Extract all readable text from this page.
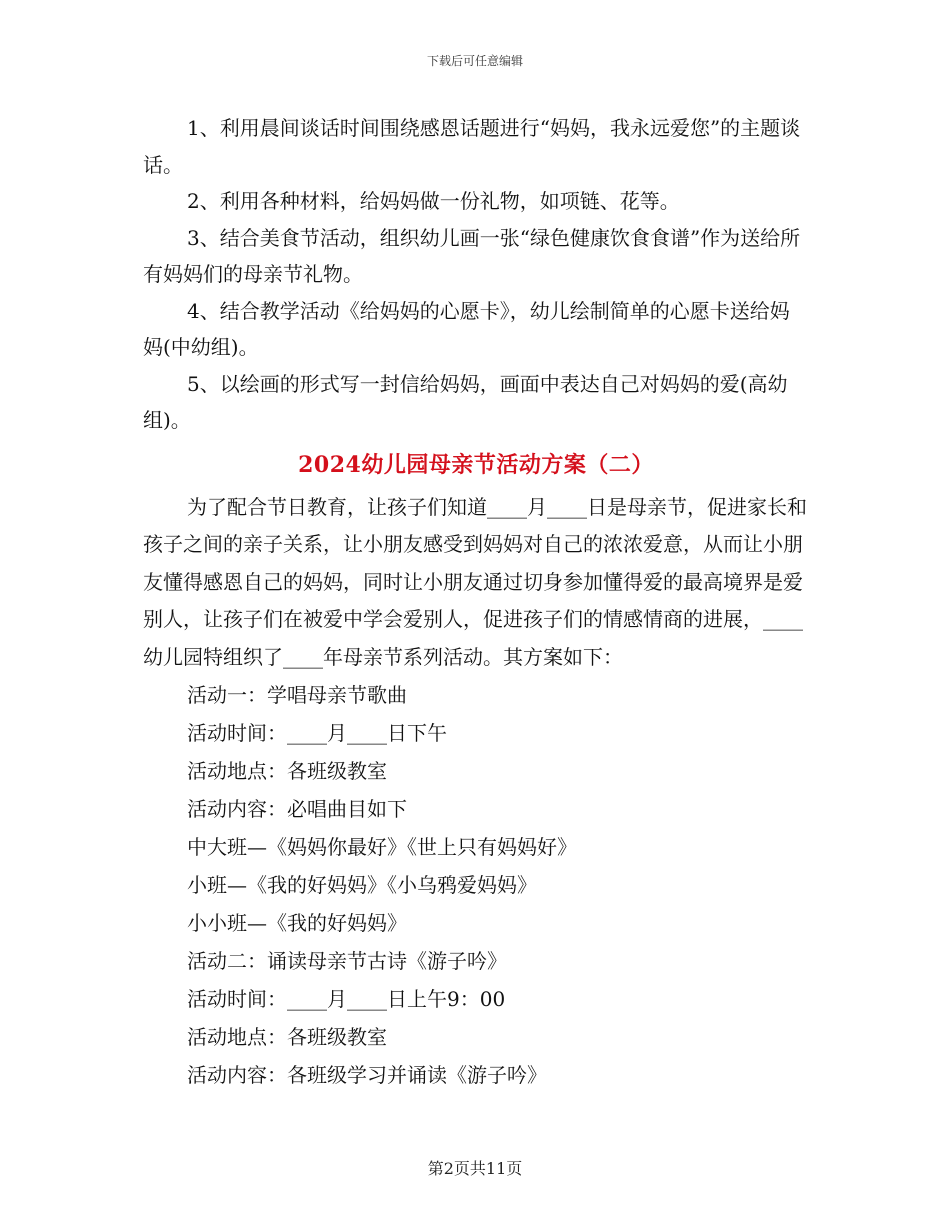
下载后可任意编辑

1、利用晨间谈话时间围绕感恩话题进行“妈妈，我永远爱您”的主题谈话。

2、利用各种材料，给妈妈做一份礼物，如项链、花等。

3、结合美食节活动，组织幼儿画一张“绿色健康饮食食谱”作为送给所有妈妈们的母亲节礼物。

4、结合教学活动《给妈妈的心愿卡》，幼儿绘制简单的心愿卡送给妈妈(中幼组)。

5、以绘画的形式写一封信给妈妈，画面中表达自己对妈妈的爱(高幼组)。

2024幼儿园母亲节活动方案（二）

为了配合节日教育，让孩子们知道____月____日是母亲节，促进家长和孩子之间的亲子关系，让小朋友感受到妈妈对自己的浓浓爱意，从而让小朋友懂得感恩自己的妈妈，同时让小朋友通过切身参加懂得爱的最高境界是爱别人，让孩子们在被爱中学会爱别人，促进孩子们的情感情商的进展，____幼儿园特组织了____年母亲节系列活动。其方案如下：

活动一：学唱母亲节歌曲

活动时间：____月____日下午

活动地点：各班级教室

活动内容：必唱曲目如下

中大班—《妈妈你最好》《世上只有妈妈好》

小班—《我的好妈妈》《小乌鸦爱妈妈》

小小班—《我的好妈妈》

活动二：诵读母亲节古诗《游子吟》

活动时间：____月____日上午9：00

活动地点：各班级教室

活动内容：各班级学习并诵读《游子吟》

第2页共11页
